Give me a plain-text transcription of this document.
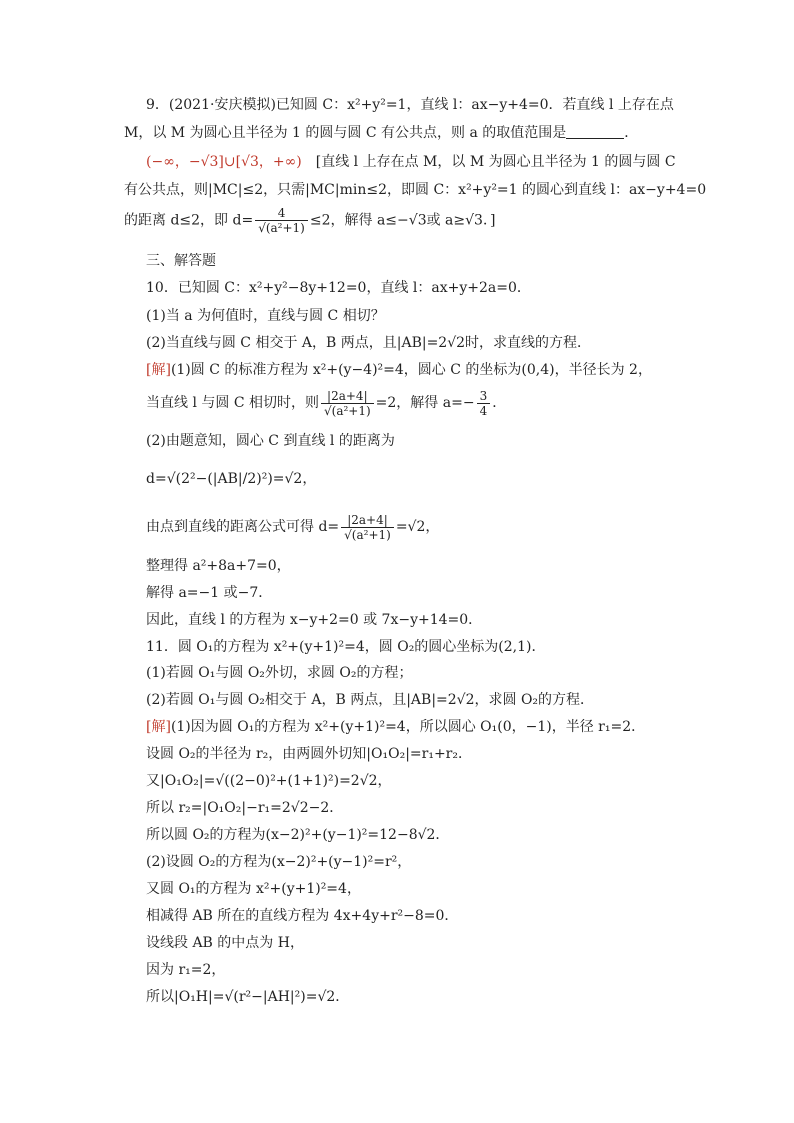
9．(2021·安庆模拟)已知圆 C：x²+y²=1，直线 l：ax−y+4=0．若直线 l 上存在点
M，以 M 为圆心且半径为 1 的圆与圆 C 有公共点，则 a 的取值范围是	．
(−∞，−√3]∪[√3，+∞)　[直线 l 上存在点 M，以 M 为圆心且半径为 1 的圆与圆 C
有公共点，则|MC|≤2，只需|MC|min≤2，即圆 C：x²+y²=1 的圆心到直线 l：ax−y+4=0
的距离 d≤2，即 $d= \frac{4}{\text{√(a²+1)}} \le 2$，解得 a≤−√3或 a≥√3．]
三、解答题
10．已知圆 C：x²+y²−8y+12=0，直线 l：ax+y+2a=0．
(1)当 a 为何值时，直线与圆 C 相切？
(2)当直线与圆 C 相交于 A，B 两点，且|AB|=2√2时，求直线的方程．
[解](1)圆 C 的标准方程为 x²+(y−4)²=4，圆心 C 的坐标为(0,4)，半径长为 2，
当直线 l 与圆 C 相切时，则 $\frac{|2a+4|}{\text{√(a²+1)}} =2$，解得 $a=- \frac{3}{4}$ ．
(2)由题意知，圆心 C 到直线 l 的距离为
d=√(2²−(|AB|/2)²)=√2，
由点到直线的距离公式可得 $d= \frac{|2a+4|}{\text{√(a²+1)}} =√2$，
整理得 a²+8a+7=0，
解得 a=−1 或−7．
因此，直线 l 的方程为 x−y+2=0 或 7x−y+14=0．
11．圆 O₁的方程为 x²+(y+1)²=4，圆 O₂的圆心坐标为(2,1)．
(1)若圆 O₁与圆 O₂外切，求圆 O₂的方程；
(2)若圆 O₁与圆 O₂相交于 A，B 两点，且|AB|=2√2，求圆 O₂的方程．
[解](1)因为圆 O₁的方程为 x²+(y+1)²=4，所以圆心 O₁(0，−1)，半径 r₁=2．
设圆 O₂的半径为 r₂，由两圆外切知|O₁O₂|=r₁+r₂．
又|O₁O₂|=√((2−0)²+(1+1)²)=2√2，
所以 r₂=|O₁O₂|−r₁=2√2−2．
所以圆 O₂的方程为(x−2)²+(y−1)²=12−8√2．
(2)设圆 O₂的方程为(x−2)²+(y−1)²=r²，
又圆 O₁的方程为 x²+(y+1)²=4，
相减得 AB 所在的直线方程为 4x+4y+r²−8=0．
设线段 AB 的中点为 H，
因为 r₁=2，
所以|O₁H|=√(r²−|AH|²)=√2．
